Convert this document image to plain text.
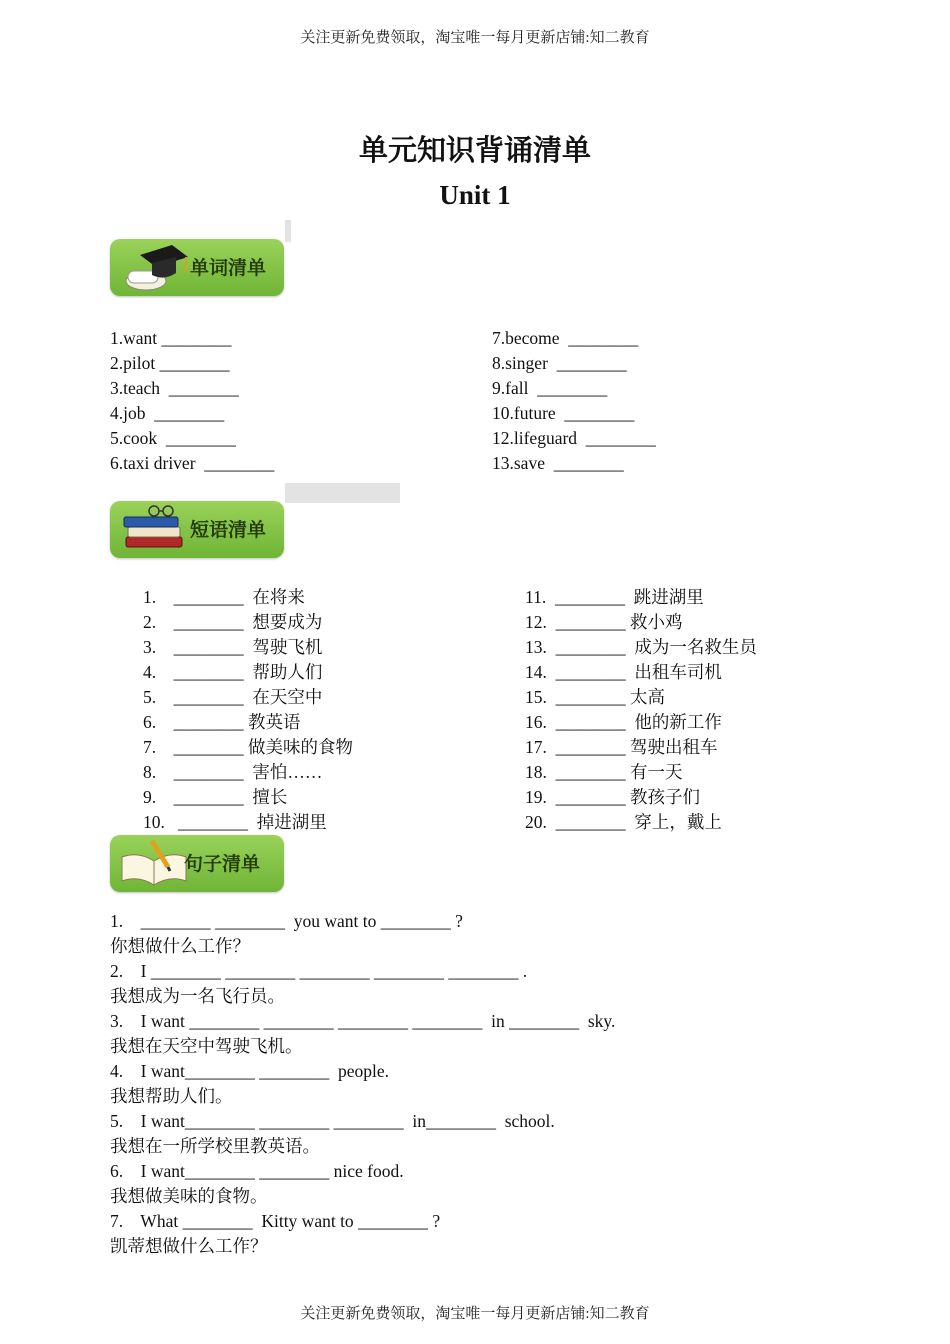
关注更新免费领取，淘宝唯一每月更新店铺:知二教育
单元知识背诵清单
Unit 1
单词清单
1.want ________
2.pilot ________
3.teach  ________
4.job  ________
5.cook  ________
6.taxi driver  ________
7.become  ________
8.singer  ________
9.fall  ________
10.future  ________
12.lifeguard  ________
13.save  ________
短语清单
1.    ________  在将来
2.    ________  想要成为
3.    ________  驾驶飞机
4.    ________  帮助人们
5.    ________  在天空中
6.    ________ 教英语
7.    ________ 做美味的食物
8.    ________  害怕……
9.    ________  擅长
10.   ________  掉进湖里
11.  ________  跳进湖里
12.  ________ 救小鸡
13.  ________  成为一名救生员
14.  ________  出租车司机
15.  ________ 太高
16.  ________  他的新工作
17.  ________ 驾驶出租车
18.  ________ 有一天
19.  ________ 教孩子们
20.  ________  穿上，戴上
句子清单
1.    ________ ________  you want to ________ ?
你想做什么工作？
2.    I ________ ________ ________ ________ ________ .
我想成为一名飞行员。
3.    I want ________ ________ ________ ________  in ________  sky.
我想在天空中驾驶飞机。
4.    I want________ ________  people.
我想帮助人们。
5.    I want________ ________ ________  in________  school.
我想在一所学校里教英语。
6.    I want________ ________ nice food.
我想做美味的食物。
7.    What ________  Kitty want to ________ ?
凯蒂想做什么工作？
关注更新免费领取，淘宝唯一每月更新店铺:知二教育
